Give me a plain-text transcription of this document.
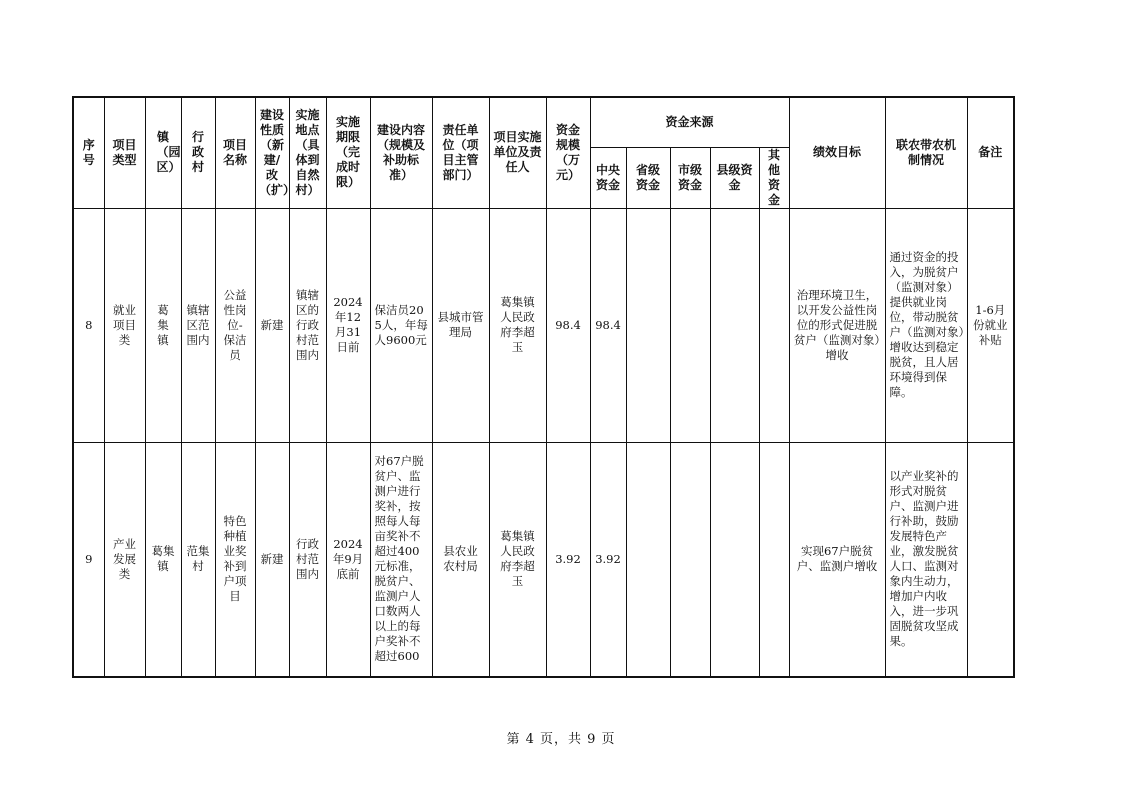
序号	项目类型	镇（园区）	行政村	项目名称	建设性质（新建/改（扩）	实施地点（具体到自然村）	实施期限（完成时限）	建设内容（规模及补助标准）	责任单位（项目主管部门）	项目实施单位及责任人	资金规模（万元）	资金来源					绩效目标	联农带农机制情况	备注

												中央资金	省级资金	市级资金	县级资金	其他资金			

8	就业项目类	葛集镇	镇辖区范围内	公益性岗位-保洁员	新建	镇辖区的行政村范围内	2024年12月31日前	保洁员205人，年每人9600元	县城市管理局	葛集镇人民政府李超玉	98.4	98.4					治理环境卫生，以开发公益性岗位的形式促进脱贫户（监测对象）增收	通过资金的投入，为脱贫户（监测对象）提供就业岗位，带动脱贫户（监测对象）增收达到稳定脱贫，且人居环境得到保障。	1-6月份就业补贴

9	产业发展类	葛集镇	范集村	特色种植业奖补到户项目	新建	行政村范围内	2024年9月底前	对67户脱贫户、监测户进行奖补，按照每人每亩奖补不超过400元标准，脱贫户、监测户人口数两人以上的每户奖补不超过600	县农业农村局	葛集镇人民政府李超玉	3.92	3.92					实现67户脱贫户、监测户增收	以产业奖补的形式对脱贫户、监测户进行补助，鼓励发展特色产业，激发脱贫人口、监测对象内生动力，增加户内收入，进一步巩固脱贫攻坚成果。	
第 4 页，共 9 页
